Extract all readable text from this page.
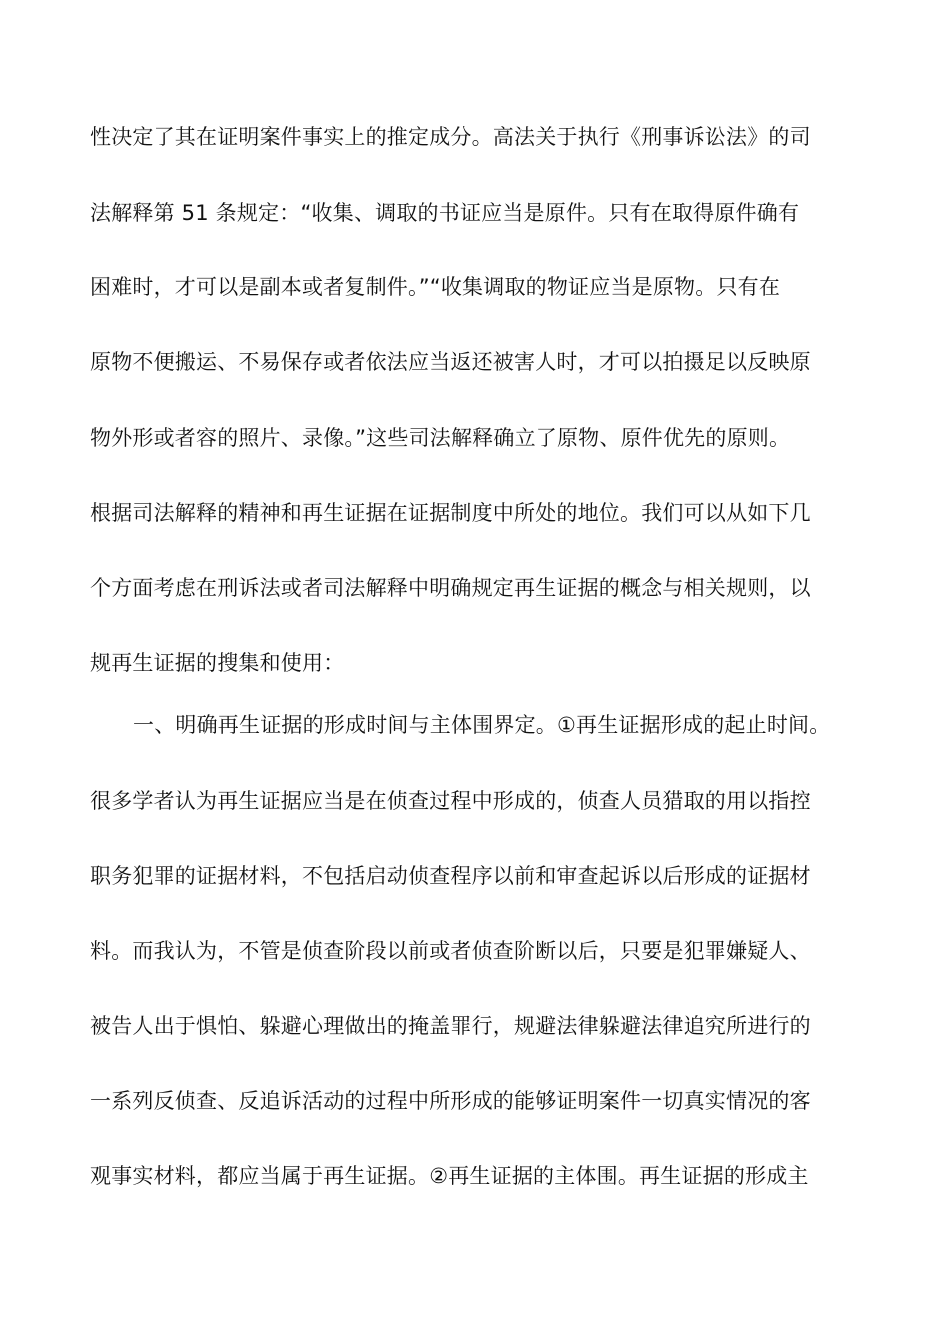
性决定了其在证明案件事实上的推定成分。高法关于执行《刑事诉讼法》的司
法解释第 51 条规定：“收集、调取的书证应当是原件。只有在取得原件确有
困难时，才可以是副本或者复制件。”“收集调取的物证应当是原物。只有在
原物不便搬运、不易保存或者依法应当返还被害人时，才可以拍摄足以反映原
物外形或者容的照片、录像。”这些司法解释确立了原物、原件优先的原则。
根据司法解释的精神和再生证据在证据制度中所处的地位。我们可以从如下几
个方面考虑在刑诉法或者司法解释中明确规定再生证据的概念与相关规则，以
规再生证据的搜集和使用：
一、明确再生证据的形成时间与主体围界定。①再生证据形成的起止时间。
很多学者认为再生证据应当是在侦查过程中形成的，侦查人员猎取的用以指控
职务犯罪的证据材料，不包括启动侦查程序以前和审查起诉以后形成的证据材
料。而我认为，不管是侦查阶段以前或者侦查阶断以后，只要是犯罪嫌疑人、
被告人出于惧怕、躲避心理做出的掩盖罪行，规避法律躲避法律追究所进行的
一系列反侦查、反追诉活动的过程中所形成的能够证明案件一切真实情况的客
观事实材料，都应当属于再生证据。②再生证据的主体围。再生证据的形成主
